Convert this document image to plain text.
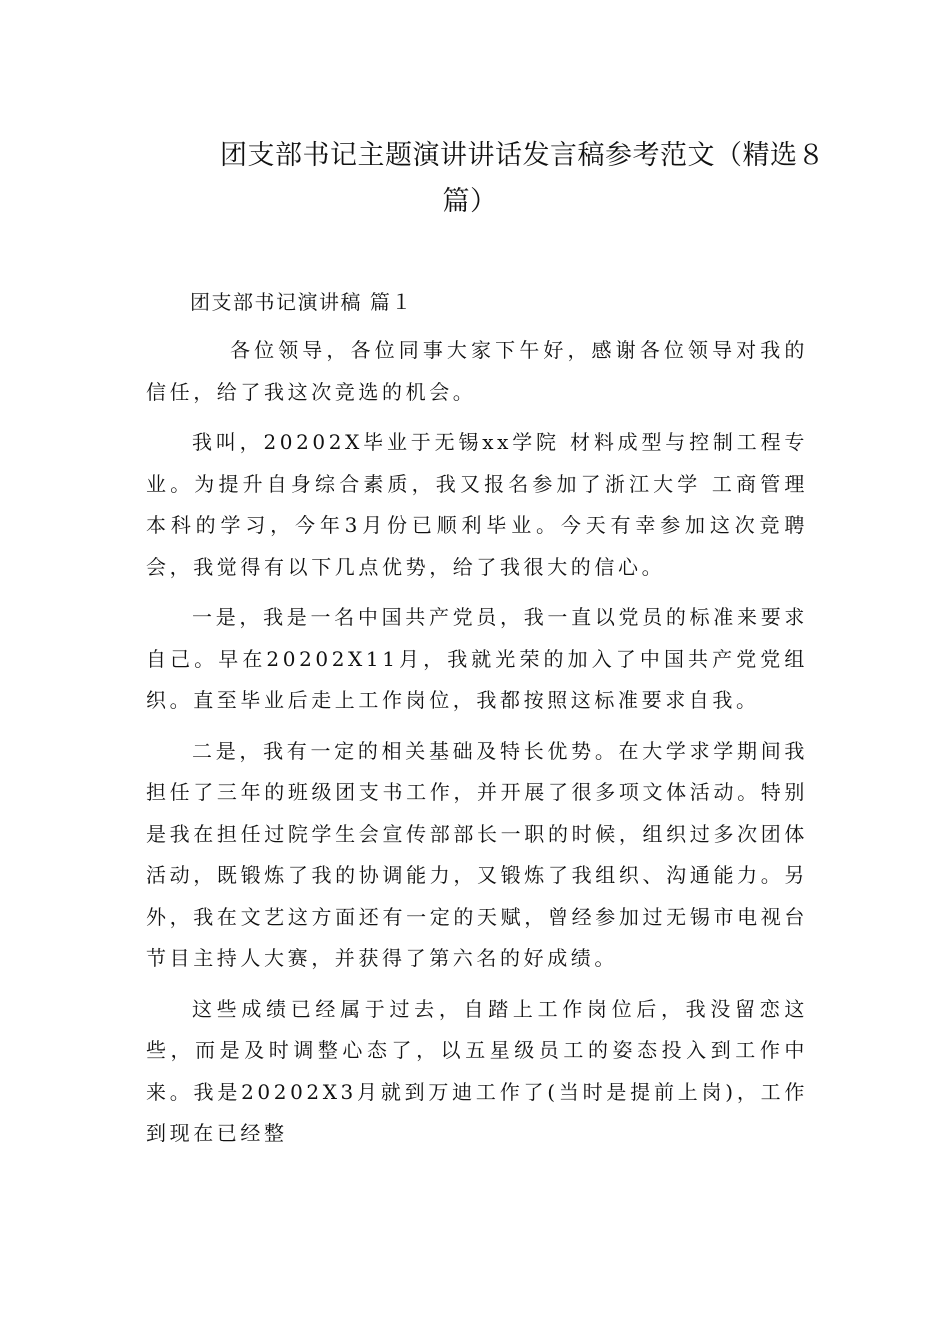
团支部书记主题演讲讲话发言稿参考范文（精选８
篇）

团支部书记演讲稿 篇１

各位领导，各位同事大家下午好，感谢各位领导对我的信任，给了我这次竞选的机会。

我叫，20202X毕业于无锡xx学院 材料成型与控制工程专业。为提升自身综合素质，我又报名参加了浙江大学 工商管理本科的学习，今年3月份已顺利毕业。今天有幸参加这次竞聘会，我觉得有以下几点优势，给了我很大的信心。

一是，我是一名中国共产党员，我一直以党员的标准来要求自己。早在20202X11月，我就光荣的加入了中国共产党党组织。直至毕业后走上工作岗位，我都按照这标准要求自我。

二是，我有一定的相关基础及特长优势。在大学求学期间我担任了三年的班级团支书工作，并开展了很多项文体活动。特别是我在担任过院学生会宣传部部长一职的时候，组织过多次团体活动，既锻炼了我的协调能力，又锻炼了我组织、沟通能力。另外，我在文艺这方面还有一定的天赋，曾经参加过无锡市电视台节目主持人大赛，并获得了第六名的好成绩。

这些成绩已经属于过去，自踏上工作岗位后，我没留恋这些，而是及时调整心态了，以五星级员工的姿态投入到工作中来。我是20202X3月就到万迪工作了(当时是提前上岗)，工作到现在已经整
